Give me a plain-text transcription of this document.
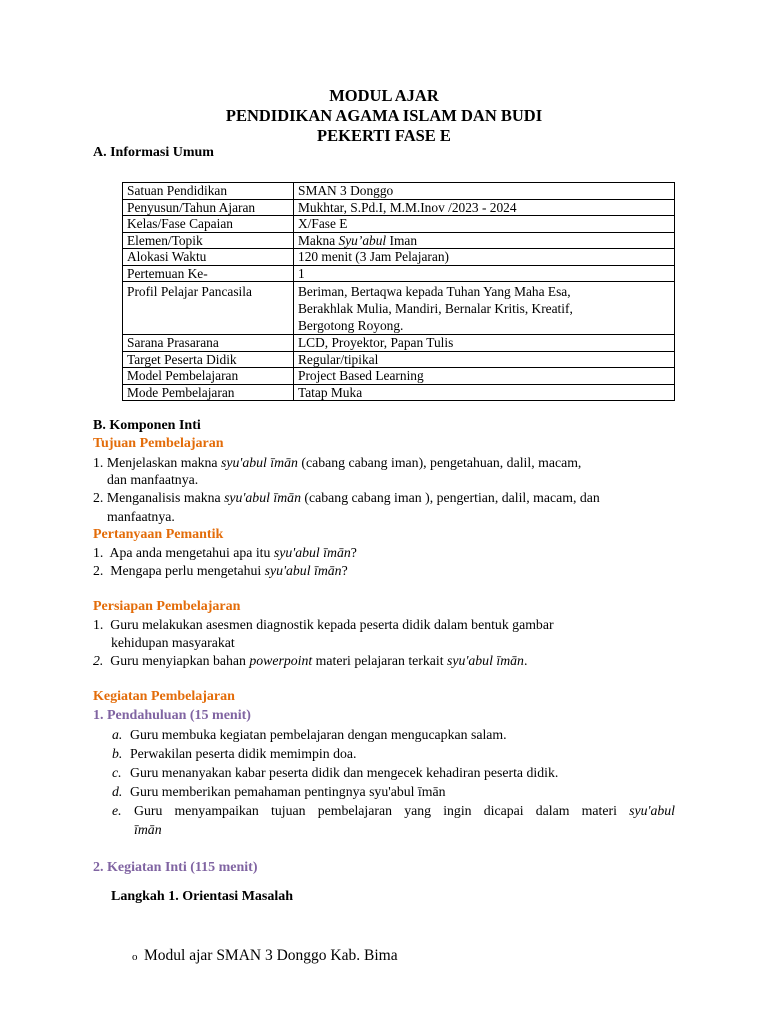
MODUL AJAR
PENDIDIKAN AGAMA ISLAM DAN BUDI
PEKERTI FASE E
A. Informasi Umum
Satuan Pendidikan	SMAN 3 Donggo
Penyusun/Tahun Ajaran	Mukhtar, S.Pd.I, M.M.Inov /2023 - 2024
Kelas/Fase Capaian	X/Fase E
Elemen/Topik	Makna Syu’abul Iman
Alokasi Waktu	120 menit (3 Jam Pelajaran)
Pertemuan Ke-	1
Profil Pelajar Pancasila	Beriman, Bertaqwa kepada Tuhan Yang Maha Esa,
Berakhlak Mulia, Mandiri, Bernalar Kritis, Kreatif,
Bergotong Royong.

Sarana Prasarana	LCD, Proyektor, Papan Tulis
Target Peserta Didik	Regular/tipikal
Model Pembelajaran	Project Based Learning
Mode Pembelajaran	Tatap Muka
B. Komponen Inti
Tujuan Pembelajaran
1. Menjelaskan makna syu'abul īmān (cabang cabang iman), pengetahuan, dalil, macam,
dan manfaatnya.
2. Menganalisis makna syu'abul īmān (cabang cabang iman ), pengertian, dalil, macam, dan
manfaatnya.
Pertanyaan Pemantik
1. Apa anda mengetahui apa itu syu'abul īmān?
2. Mengapa perlu mengetahui syu'abul īmān?
Persiapan Pembelajaran
1. Guru melakukan asesmen diagnostik kepada peserta didik dalam bentuk gambar
kehidupan masyarakat
2. Guru menyiapkan bahan powerpoint materi pelajaran terkait syu'abul īmān.
Kegiatan Pembelajaran
1. Pendahuluan (15 menit)
a. Guru membuka kegiatan pembelajaran dengan mengucapkan salam.
b. Perwakilan peserta didik memimpin doa.
c. Guru menanyakan kabar peserta didik dan mengecek kehadiran peserta didik.
d. Guru memberikan pemahaman pentingnya syu'abul īmān
e. Guru menyampaikan tujuan pembelajaran yang ingin dicapai dalam materi syu'abul
īmān
2. Kegiatan Inti (115 menit)
Langkah 1. Orientasi Masalah
o Modul ajar SMAN 3 Donggo Kab. Bima
